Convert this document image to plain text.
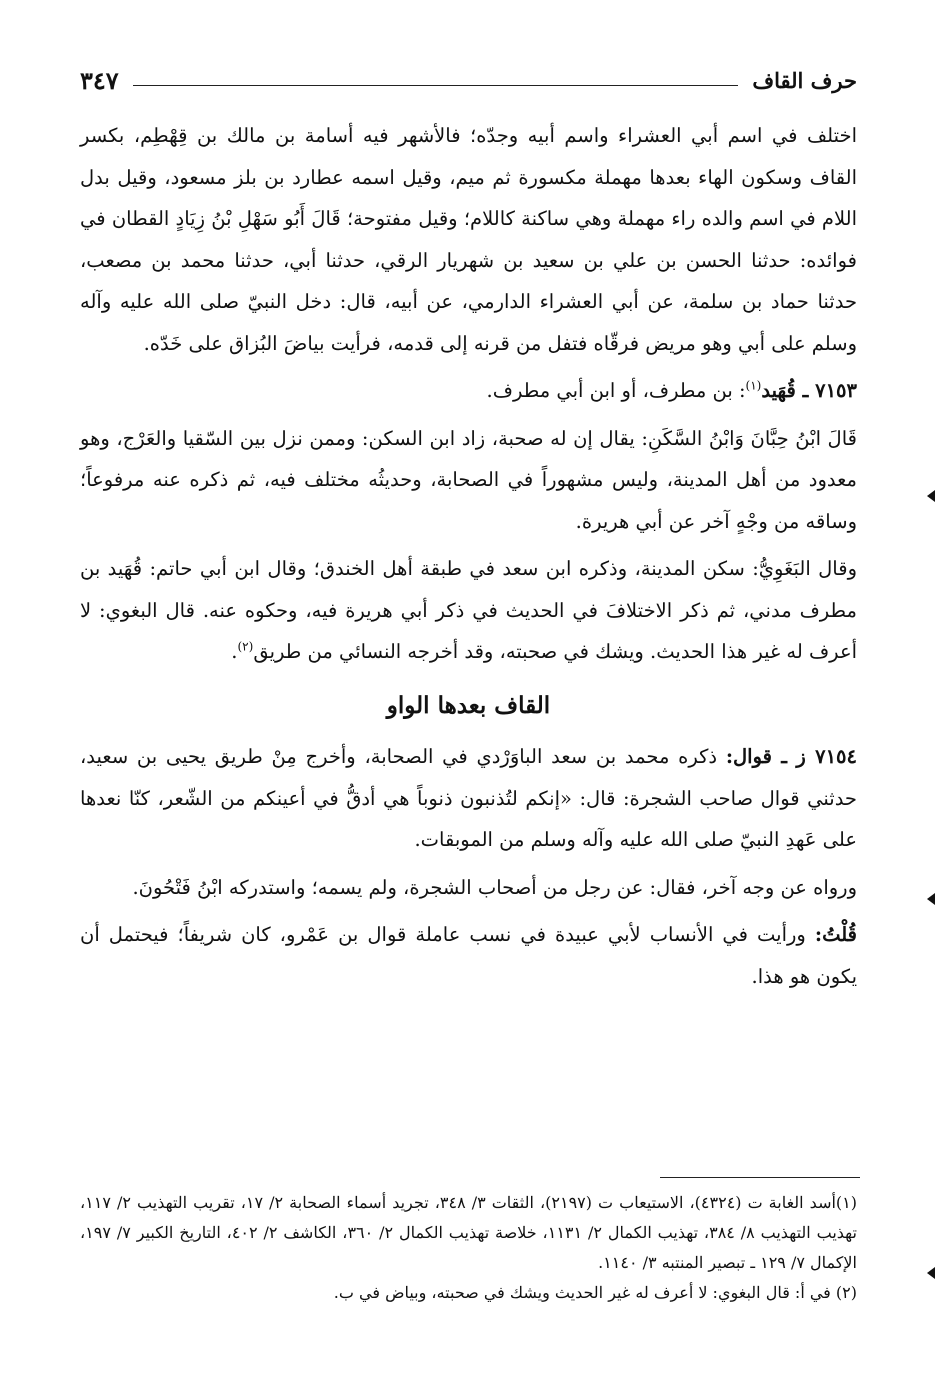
حرف القاف
٣٤٧

اختلف في اسم أبي العشراء واسم أبيه وجدّه؛ فالأشهر فيه أسامة بن مالك بن قِهْطِم، بكسر القاف وسكون الهاء بعدها مهملة مكسورة ثم ميم، وقيل اسمه عطارد بن بلز مسعود، وقيل بدل اللام في اسم والده راء مهملة وهي ساكنة كاللام؛ وقيل مفتوحة؛ قَالَ أَبُو سَهْلِ بْنُ زِيَادٍ القطان في فوائده: حدثنا الحسن بن علي بن سعيد بن شهريار الرقي، حدثنا أبي، حدثنا محمد بن مصعب، حدثنا حماد بن سلمة، عن أبي العشراء الدارمي، عن أبيه، قال: دخل النبيّ صلى الله عليه وآله وسلم على أبي وهو مريض فرقّاه فتفل من قرنه إلى قدمه، فرأيت بياضَ البُزاق على خَدّه.

٧١٥٣ ـ قُهَيد$^{(١)}$: بن مطرف، أو ابن أبي مطرف.

قَالَ ابْنُ حِبَّانَ وَابْنُ السَّكَنِ: يقال إن له صحبة، زاد ابن السكن: وممن نزل بين السّقيا والعَرْج، وهو معدود من أهل المدينة، وليس مشهوراً في الصحابة، وحديثُه مختلف فيه، ثم ذكره عنه مرفوعاً؛ وساقه من وجْهٍ آخر عن أبي هريرة.

وقال البَغَوِيُّ: سكن المدينة، وذكره ابن سعد في طبقة أهل الخندق؛ وقال ابن أبي حاتم: قُهَيد بن مطرف مدني، ثم ذكر الاختلافَ في الحديث في ذكر أبي هريرة فيه، وحكوه عنه. قال البغوي: لا أعرف له غير هذا الحديث. ويشك في صحبته، وقد أخرجه النسائي من طريق$^{(٢)}$.

القاف بعدها الواو

٧١٥٤ ز ـ قوال: ذكره محمد بن سعد الباوَرْدي في الصحابة، وأخرج مِنْ طريق يحيى بن سعيد، حدثني قوال صاحب الشجرة: قال: «إنكم لتُذنبون ذنوباً هي أدقُّ في أعينكم من الشّعر، كنّا نعدها على عَهدِ النبيّ صلى الله عليه وآله وسلم من الموبقات.

ورواه عن وجه آخر، فقال: عن رجل من أصحاب الشجرة، ولم يسمه؛ واستدركه ابْنُ فَتْحُونَ.

قُلْتُ: ورأيت في الأنساب لأبي عبيدة في نسب عاملة قوال بن عَمْرو، كان شريفاً؛ فيحتمل أن يكون هو هذا.

(١)أسد الغابة ت (٤٣٢٤)، الاستيعاب ت (٢١٩٧)، الثقات ٣/ ٣٤٨، تجريد أسماء الصحابة ٢/ ١٧، تقريب التهذيب ٢/ ١١٧، تهذيب التهذيب ٨/ ٣٨٤، تهذيب الكمال ٢/ ١١٣١، خلاصة تهذيب الكمال ٢/ ٣٦٠، الكاشف ٢/ ٤٠٢، التاريخ الكبير ٧/ ١٩٧، الإكمال ٧/ ١٢٩ ـ تبصير المنتبه ٣/ ١١٤٠.

(٢) في أ: قال البغوي: لا أعرف له غير الحديث ويشك في صحبته، وبياض في ب.
